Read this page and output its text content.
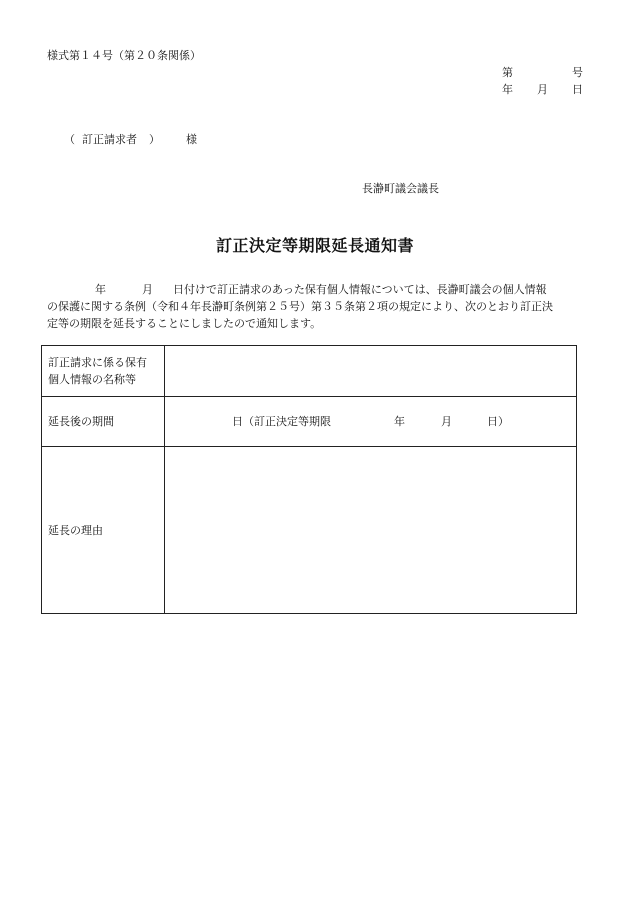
様式第１４号（第２０条関係）
第	号
年 月 日
（ 訂正請求者 ） 様
長瀞町議会議長
訂正決定等期限延長通知書
年	月 日付けで訂正請求のあった保有個人情報については、長瀞町議会の個人情報
の保護に関する条例（令和４年長瀞町条例第２５号）第３５条第２項の規定により、次のとおり訂正決
定等の期限を延長することにしましたので通知します。
訂正請求に係る保有
個人情報の名称等
延長後の期間	日（訂正決定等期限	年	月	日）
延長の理由
